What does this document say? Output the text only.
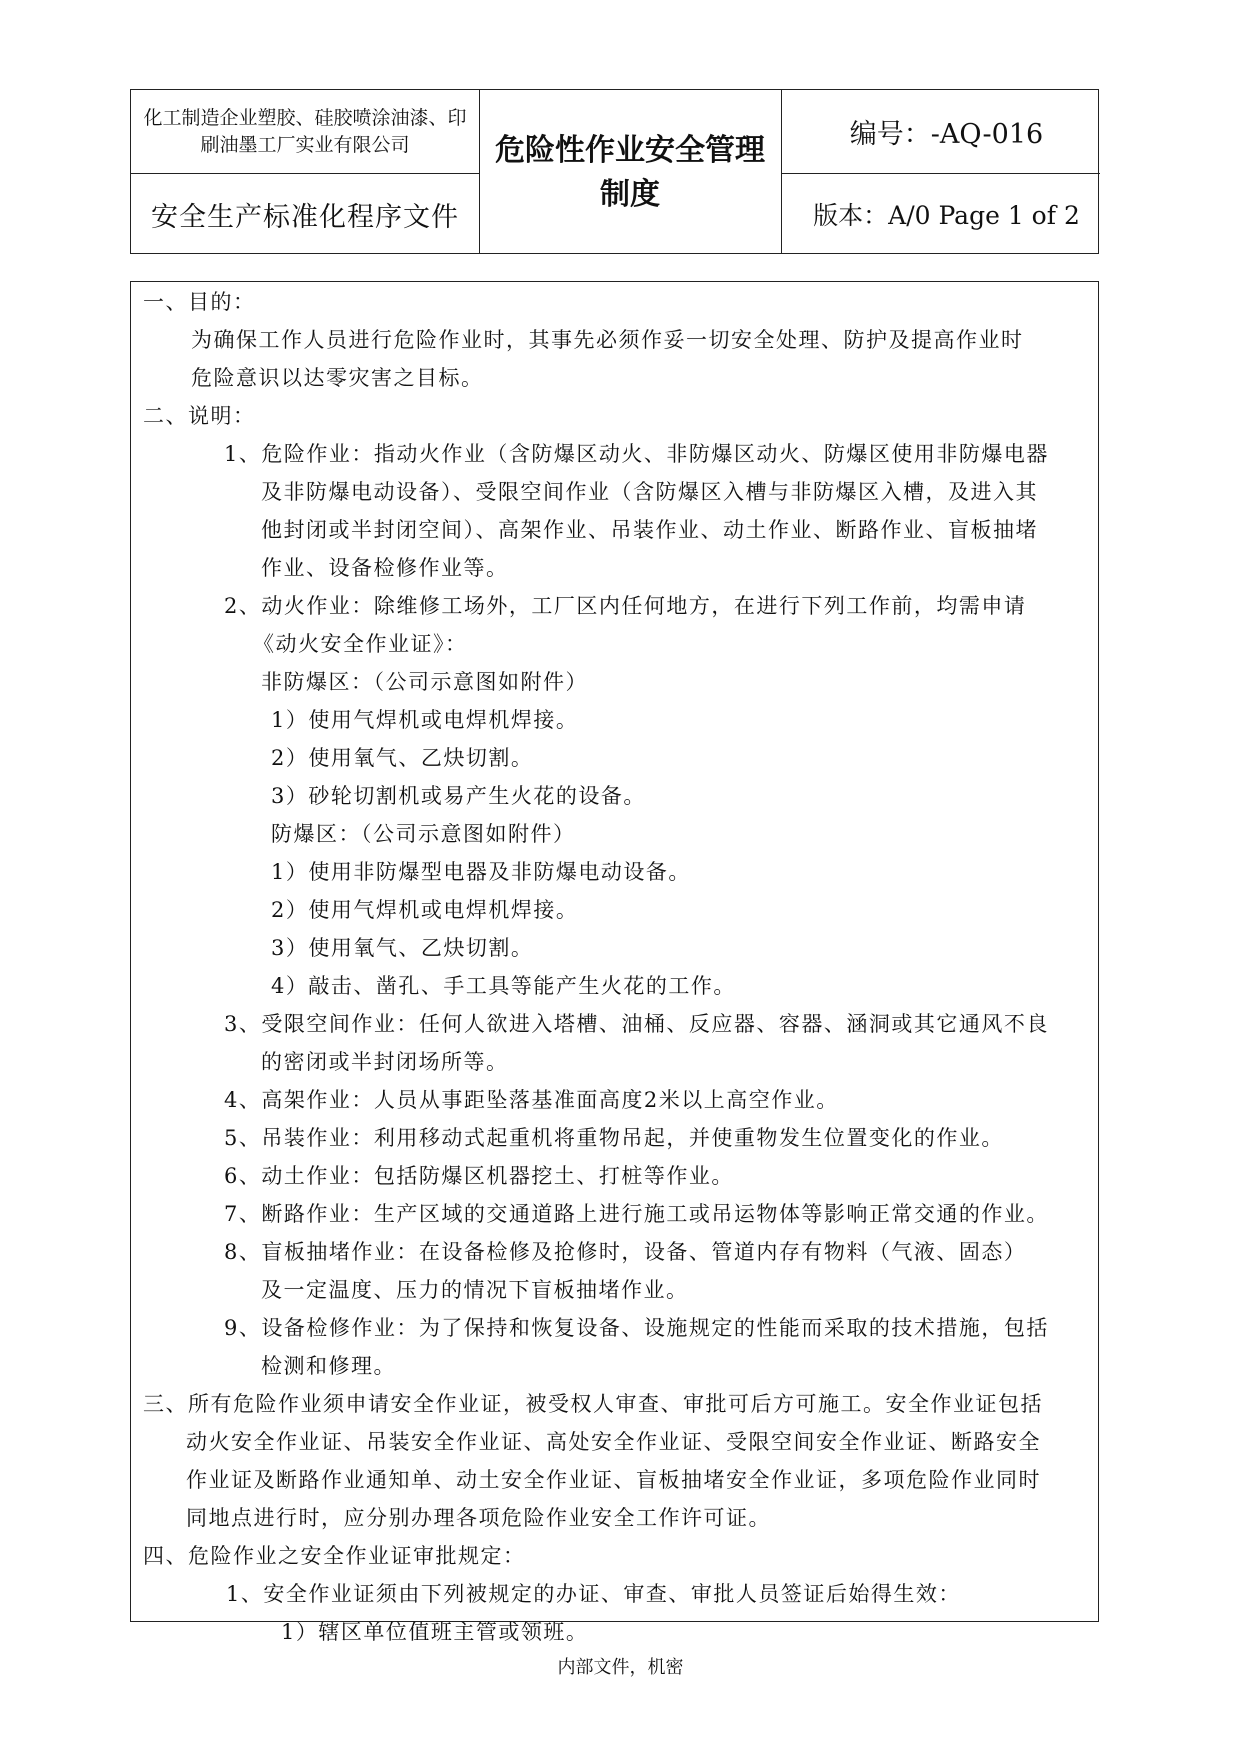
化工制造企业塑胶、硅胶喷涂油漆、印刷油墨工厂实业有限公司
安全生产标准化程序文件
危险性作业安全管理制度
编号：-AQ-016
版本：A/0 Page 1 of 2
一、目的：
为确保工作人员进行危险作业时，其事先必须作妥一切安全处理、防护及提高作业时
危险意识以达零灾害之目标。
二、说明：
1、危险作业：指动火作业（含防爆区动火、非防爆区动火、防爆区使用非防爆电器
及非防爆电动设备）、受限空间作业（含防爆区入槽与非防爆区入槽，及进入其
他封闭或半封闭空间）、高架作业、吊装作业、动土作业、断路作业、盲板抽堵
作业、设备检修作业等。
2、动火作业：除维修工场外，工厂区内任何地方，在进行下列工作前，均需申请
《动火安全作业证》：
非防爆区：（公司示意图如附件）
1）使用气焊机或电焊机焊接。
2）使用氧气、乙炔切割。
3）砂轮切割机或易产生火花的设备。
防爆区：（公司示意图如附件）
1）使用非防爆型电器及非防爆电动设备。
2）使用气焊机或电焊机焊接。
3）使用氧气、乙炔切割。
4）敲击、凿孔、手工具等能产生火花的工作。
3、受限空间作业：任何人欲进入塔槽、油桶、反应器、容器、涵洞或其它通风不良
的密闭或半封闭场所等。
4、高架作业：人员从事距坠落基准面高度2米以上高空作业。
5、吊装作业：利用移动式起重机将重物吊起，并使重物发生位置变化的作业。
6、动土作业：包括防爆区机器挖土、打桩等作业。
7、断路作业：生产区域的交通道路上进行施工或吊运物体等影响正常交通的作业。
8、盲板抽堵作业：在设备检修及抢修时，设备、管道内存有物料（气液、固态）
及一定温度、压力的情况下盲板抽堵作业。
9、设备检修作业：为了保持和恢复设备、设施规定的性能而采取的技术措施，包括
检测和修理。
三、所有危险作业须申请安全作业证，被受权人审查、审批可后方可施工。安全作业证包括
动火安全作业证、吊装安全作业证、高处安全作业证、受限空间安全作业证、断路安全
作业证及断路作业通知单、动土安全作业证、盲板抽堵安全作业证，多项危险作业同时
同地点进行时，应分别办理各项危险作业安全工作许可证。
四、危险作业之安全作业证审批规定：
1、安全作业证须由下列被规定的办证、审查、审批人员签证后始得生效：
1）辖区单位值班主管或领班。
内部文件，机密
